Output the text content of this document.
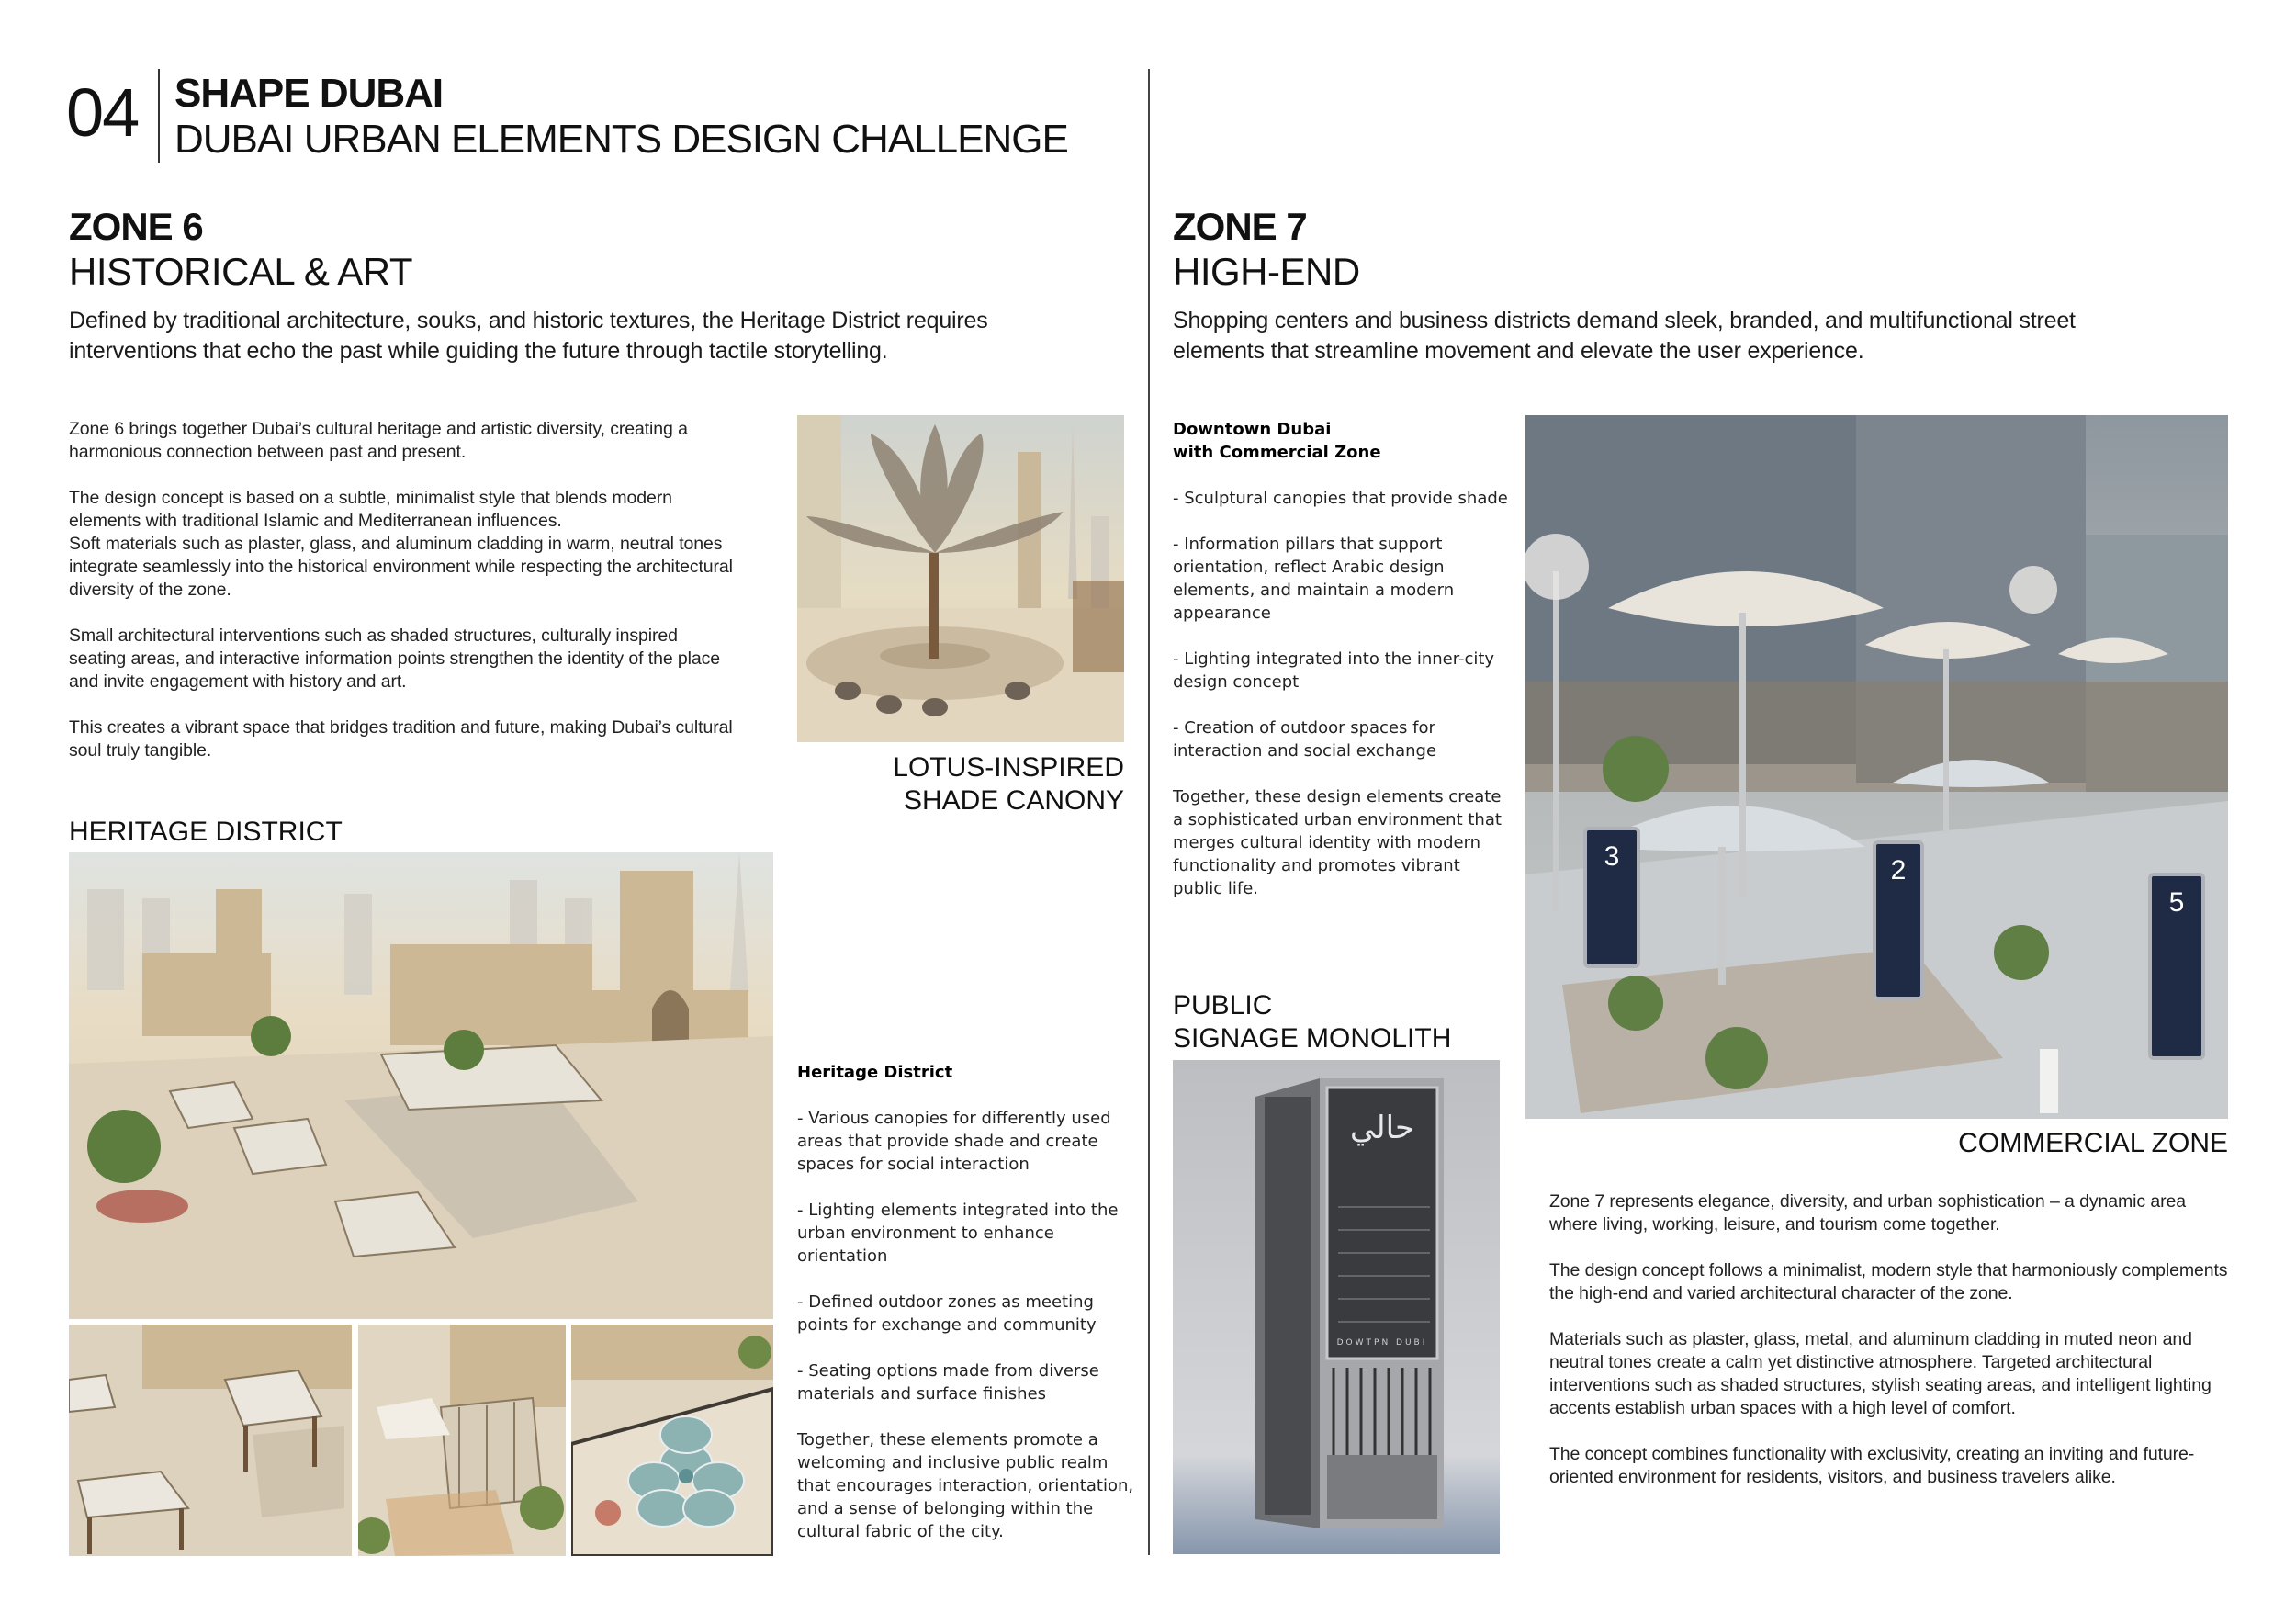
04 SHAPE DUBAI
DUBAI URBAN ELEMENTS DESIGN CHALLENGE
ZONE 6
HISTORICAL & ART
Defined by traditional architecture, souks, and historic textures, the Heritage District requires interventions that echo the past while guiding the future through tactile storytelling.

Zone 6 brings together Dubai’s cultural heritage and artistic diversity, creating a harmonious connection between past and present.

The design concept is based on a subtle, minimalist style that blends modern elements with traditional Islamic and Mediterranean influences.

Soft materials such as plaster, glass, and aluminum cladding in warm, neutral tones integrate seamlessly into the historical environment while respecting the architectural diversity of the zone.

Small architectural interventions such as shaded structures, culturally inspired seating areas, and interactive information points strengthen the identity of the place and invite engagement with history and art.

This creates a vibrant space that bridges tradition and future, making Dubai’s cultural soul truly tangible.

LOTUS-INSPIRED
SHADE CANONY
HERITAGE DISTRICT

Heritage District

- Various canopies for differently used areas that provide shade and create spaces for social interaction

- Lighting elements integrated into the urban environment to enhance orientation

- Defined outdoor zones as meeting points for exchange and community

- Seating options made from diverse materials and surface finishes

Together, these elements promote a welcoming and inclusive public realm that encourages interaction, orientation, and a sense of belonging within the cultural fabric of the city.

ZONE 7
HIGH-END
Shopping centers and business districts demand sleek, branded, and multifunctional street elements that streamline movement and elevate the user experience.

Downtown Dubai
with Commercial Zone

- Sculptural canopies that provide shade

- Information pillars that support orientation, reflect Arabic design elements, and maintain a modern appearance

- Lighting integrated into the inner-city design concept

- Creation of outdoor spaces for interaction and social exchange

Together, these design elements create a sophisticated urban environment that merges cultural identity with modern functionality and promotes vibrant public life.

PUBLIC
SIGNAGE MONOLITH
ﺣﺎﻟﻲ
DOWTPN DUBI
3	2
5
COMMERCIAL ZONE

Zone 7 represents elegance, diversity, and urban sophistication – a dynamic area where living, working, leisure, and tourism come together.

The design concept follows a minimalist, modern style that harmoniously complements the high-end and varied architectural character of the zone.

Materials such as plaster, glass, metal, and aluminum cladding in muted neon and neutral tones create a calm yet distinctive atmosphere. Targeted architectural interventions such as shaded structures, stylish seating areas, and intelligent lighting accents establish urban spaces with a high level of comfort.

The concept combines functionality with exclusivity, creating an inviting and future-oriented environment for residents, visitors, and business travelers alike.
